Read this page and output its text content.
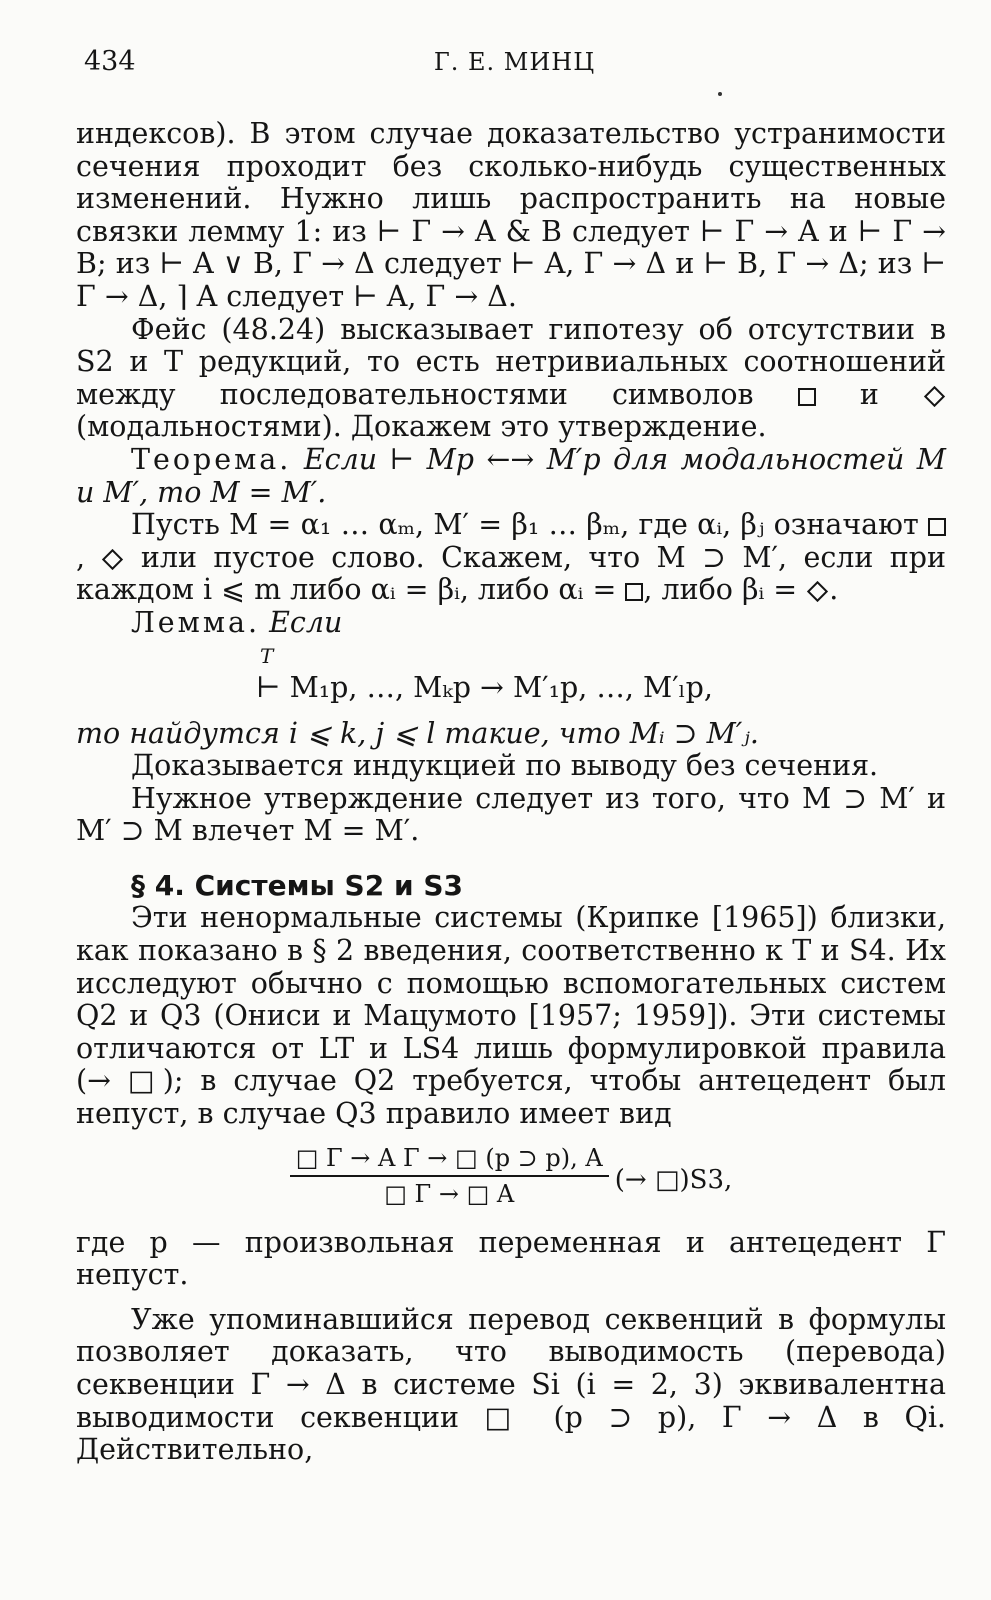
434	Г. Е. МИНЦ

индексов). В этом случае доказательство устранимости сечения проходит без сколько-нибудь существенных изменений. Нужно лишь распространить на новые связки лемму 1: из ⊢ Γ → A & B следует ⊢ Γ → A и ⊢ Γ → B; из ⊢ A ∨ B, Γ → Δ следует ⊢ A, Γ → Δ и ⊢ B, Γ → Δ; из ⊢ Γ → Δ, ⌉ A следует ⊢ A, Γ → Δ.

Фейс (48.24) высказывает гипотезу об отсутствии в S2 и T редукций, то есть нетривиальных соотношений между последовательностями символов	и  (модальностями). Докажем это утверждение.

Теорема. Если ⊢ Mp ←→ M′p для модальностей M и M′, то M = M′.

Пусть M = α₁ … αₘ, M′ = β₁ … βₘ, где αᵢ, βⱼ означают , или пустое слово. Скажем, что M ⊃ M′, если при каждом i ⩽ m либо αᵢ = βᵢ, либо αᵢ = , либо βᵢ = .

Лемма. Если

T
⊢ M₁p, …, Mₖp → M′₁p, …, M′ₗp,

то найдутся i ⩽ k, j ⩽ l такие, что Mᵢ ⊃ M′ⱼ.

Доказывается индукцией по выводу без сечения.

Нужное утверждение следует из того, что M ⊃ M′ и M′ ⊃ M влечет M = M′.

§ 4. Системы S2 и S3

Эти ненормальные системы (Крипке [1965]) близки, как показано в § 2 введения, соответственно к T и S4. Их исследуют обычно с помощью вспомогательных систем Q2 и Q3 (Ониси и Мацумото [1957; 1959]). Эти системы отличаются от LT и LS4 лишь формулировкой правила (→ □); в случае Q2 требуется, чтобы антецедент был непуст, в случае Q3 правило имеет вид

$\frac{\text{□ Γ → A Γ → □ (p ⊃ p), A}}{□ \Gamma \to □ A}$ (→ □)S3,

где p — произвольная переменная и антецедент Γ непуст.

Уже упоминавшийся перевод секвенций в формулы позволяет доказать, что выводимость (перевода) секвенции Γ → Δ в системе Si (i = 2, 3) эквивалентна выводимости секвенции □ (p ⊃ p), Γ → Δ в Qi. Действительно,
